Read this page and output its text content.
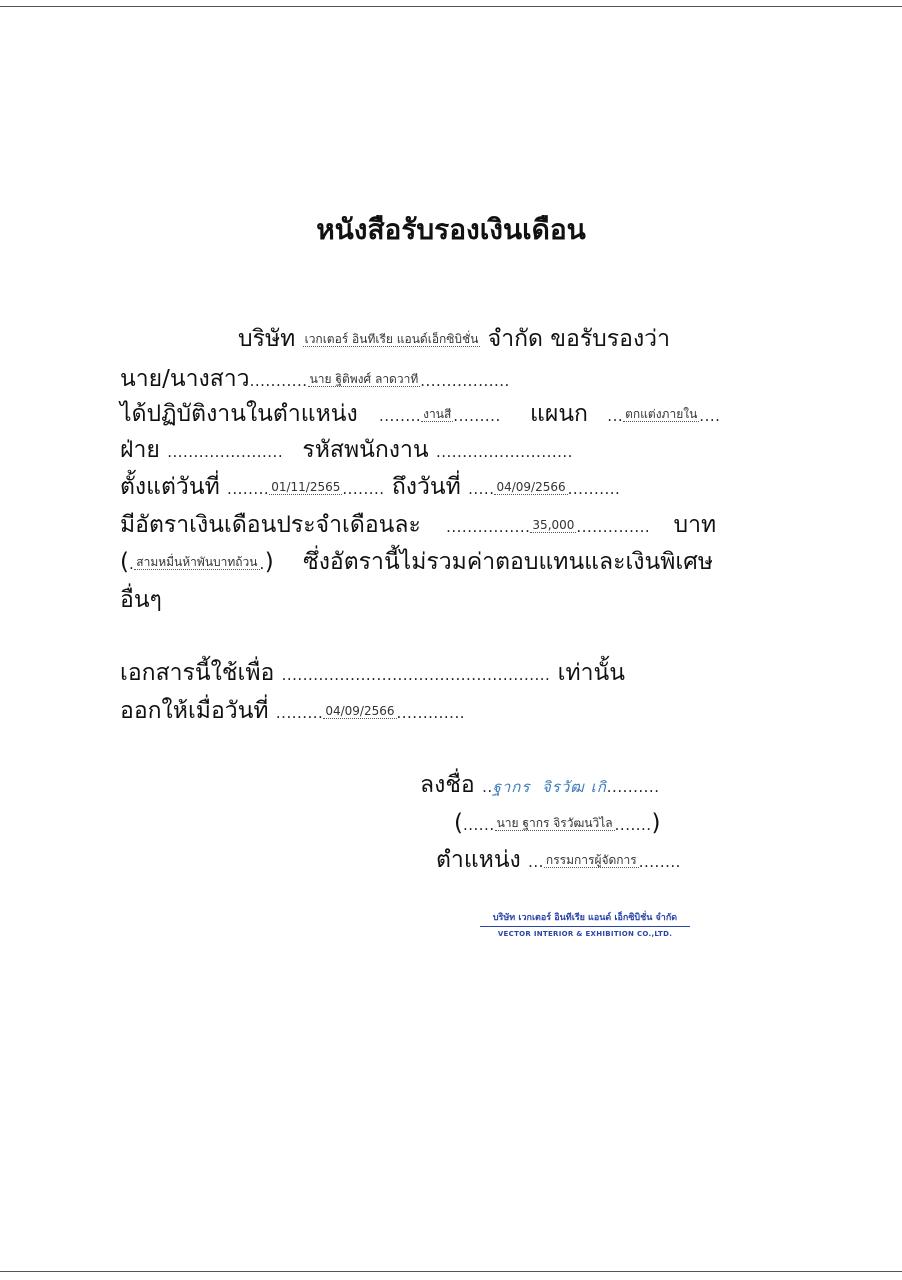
หนังสือรับรองเงินเดือน
บริษัท เวกเตอร์ อินทีเรีย แอนด์เอ็กซิบิชั่น จำกัด ขอรับรองว่า
นาย/นางสาว........... นาย ฐิติพงศ์ ลาดวาที .................
ได้ปฏิบัติงานในตำแหน่ง ........ งานสี ......... แผนก ... ตกแต่งภายใน ....
ฝ่าย ...................... รหัสพนักงาน ..........................
ตั้งแต่วันที่ ........ 01/11/2565 ........ ถึงวันที่ ..... 04/09/2566 ..........
มีอัตราเงินเดือนประจำเดือนละ ................ 35,000 .............. บาท
(. สามหมื่นห้าพันบาทถ้วน .) ซึ่งอัตรานี้ไม่รวมค่าตอบแทนและเงินพิเศษ
อื่นๆ
เอกสารนี้ใช้เพื่อ ................................................... เท่านั้น
ออกให้เมื่อวันที่ ......... 04/09/2566 .............
ลงชื่อ ..ฐากร  จิรวัฒ เกิ..........
(...... นาย ฐากร จิรวัฒนวิไล .......)
ตำแหน่ง ... กรรมการผู้จัดการ ........
บริษัท เวกเตอร์ อินทีเรีย แอนด์ เอ็กซิบิชั่น จำกัด
VECTOR INTERIOR & EXHIBITION CO.,LTD.
